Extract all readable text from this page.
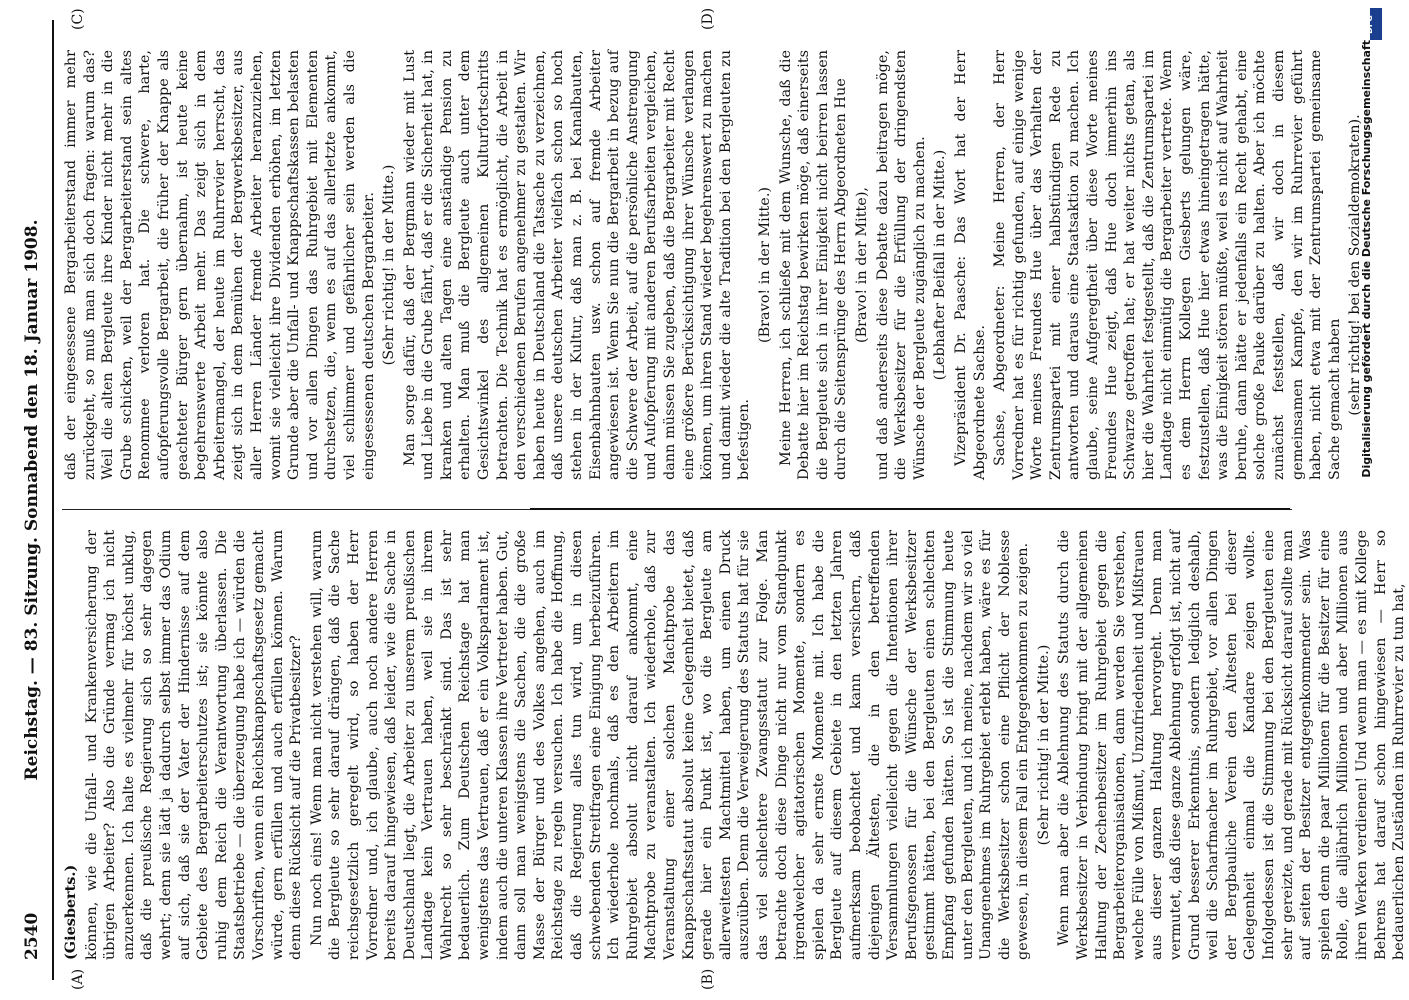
2540
Reichstag. — 83. Sitzung. Sonnabend den 18. Januar 1908.
(A)	(B)
(C)	(D)

(Giesberts.) können, wie die Unfall- und Krankenversicherung der übrigen Arbeiter? Also die Gründe vermag ich nicht anzuerkennen. Ich halte es vielmehr für höchst unklug, daß die preußische Regierung sich so sehr dagegen wehrt; denn sie lädt ja dadurch selbst immer das Odium auf sich, daß sie der Vater der Hindernisse auf dem Gebiete des Bergarbeiterschutzes ist; sie könnte also ruhig dem Reich die Verantwortung überlassen. Die Staatsbetriebe — die überzeugung habe ich — würden die Vorschriften, wenn ein Reichsknappschaftsgesetz gemacht würde, gern erfüllen und auch erfüllen können. Warum denn diese Rücksicht auf die Privatbesitzer? Nun noch eins! Wenn man nicht verstehen will, warum die Bergleute so sehr darauf drängen, daß die Sache reichsgesetzlich geregelt wird, so haben der Herr Vorredner und, ich glaube, auch noch andere Herren bereits darauf hingewiesen, daß leider, wie die Sache in Deutschland liegt, die Arbeiter zu unserem preußischen Landtage kein Vertrauen haben, weil sie in ihrem Wahlrecht so sehr beschränkt sind. Das ist sehr bedauerlich. Zum Deutschen Reichstage hat man wenigstens das Vertrauen, daß er ein Volksparlament ist, indem auch die unteren Klassen ihre Vertreter haben. Gut, dann soll man wenigstens die Sachen, die die große Masse der Bürger und des Volkes angehen, auch im Reichstage zu regeln versuchen. Ich habe die Hoffnung, daß die Regierung alles tun wird, um in diesen schwebenden Streitfragen eine Einigung herbeizuführen. Ich wiederhole nochmals, daß es den Arbeitern im Ruhrgebiet absolut nicht darauf ankommt, eine Machtprobe zu veranstalten. Ich wiederhole, daß zur Veranstaltung einer solchen Machtprobe das Knappschaftsstatut absolut keine Gelegenheit bietet, daß gerade hier ein Punkt ist, wo die Bergleute am allerweitesten Machtmittel haben, um einen Druck auszuüben. Denn die Verweigerung des Statuts hat für sie das viel schlechtere Zwangsstatut zur Folge. Man betrachte doch diese Dinge nicht nur vom Standpunkt irgendwelcher agitatorischen Momente, sondern es spielen da sehr ernste Momente mit. Ich habe die Bergleute auf diesem Gebiete in den letzten Jahren aufmerksam beobachtet und kann versichern, daß diejenigen Ältesten, die in den betreffenden Versammlungen vielleicht gegen die Intentionen ihrer Berufsgenossen für die Wünsche der Werksbesitzer gestimmt hätten, bei den Bergleuten einen schlechten Empfang gefunden hätten. So ist die Stimmung heute unter den Bergleuten, und ich meine, nachdem wir so viel Unangenehmes im Ruhrgebiet erlebt haben, wäre es für die Werksbesitzer schon eine Pflicht der Noblesse gewesen, in diesem Fall ein Entgegenkommen zu zeigen. (Sehr richtig! in der Mitte.) Wenn man aber die Ablehnung des Statuts durch die Werksbesitzer in Verbindung bringt mit der allgemeinen Haltung der Zechenbesitzer im Ruhrgebiet gegen die Bergarbeiterorganisationen, dann werden Sie verstehen, welche Fülle von Mißmut, Unzufriedenheit und Mißtrauen aus dieser ganzen Haltung hervorgeht. Denn man vermutet, daß diese ganze Ablehnung erfolgt ist, nicht auf Grund besserer Erkenntnis, sondern lediglich deshalb, weil die Scharfmacher im Ruhrgebiet, vor allen Dingen der Bergbauliche Verein den Ältesten bei dieser Gelegenheit einmal die Kandare zeigen wollte. Infolgedessen ist die Stimmung bei den Bergleuten eine sehr gereizte, und gerade mit Rücksicht darauf sollte man auf seiten der Besitzer entgegenkommender sein. Was spielen denn die paar Millionen für die Besitzer für eine Rolle, die alljährlich Millionen und aber Millionen aus ihren Werken verdienen! Und wenn man — es mit Kollege Behrens hat darauf schon hingewiesen — Herr so bedauerlichen Zuständen im Ruhrrevier zu tun hat,

daß der eingesessene Bergarbeiterstand immer mehr zurückgeht, so muß man sich doch fragen: warum das? Weil die alten Bergleute ihre Kinder nicht mehr in die Grube schicken, weil der Bergarbeiterstand sein altes Renommee verloren hat. Die schwere, harte, aufopferungsvolle Bergarbeit, die früher der Knappe als geachteter Bürger gern übernahm, ist heute keine begehrenswerte Arbeit mehr. Das zeigt sich in dem Arbeitermangel, der heute im Ruhrrevier herrscht, das zeigt sich in dem Bemühen der Bergwerksbesitzer, aus aller Herren Länder fremde Arbeiter heranzuziehen, womit sie vielleicht ihre Dividenden erhöhen, im letzten Grunde aber die Unfall- und Knappschaftskassen belasten und vor allen Dingen das Ruhrgebiet mit Elementen durchsetzen, die, wenn es auf das allerletzte ankommt, viel schlimmer und gefährlicher sein werden als die eingesessenen deutschen Bergarbeiter. (Sehr richtig! in der Mitte.) Man sorge dafür, daß der Bergmann wieder mit Lust und Liebe in die Grube fährt, daß er die Sicherheit hat, in kranken und alten Tagen eine anständige Pension zu erhalten. Man muß die Bergleute auch unter dem Gesichtswinkel des allgemeinen Kulturfortschritts betrachten. Die Technik hat es ermöglicht, die Arbeit in den verschiedenen Berufen angenehmer zu gestalten. Wir haben heute in Deutschland die Tatsache zu verzeichnen, daß unsere deutschen Arbeiter vielfach schon so hoch stehen in der Kultur, daß man z. B. bei Kanalbauten, Eisenbahnbauten usw. schon auf fremde Arbeiter angewiesen ist. Wenn Sie nun die Bergarbeit in bezug auf die Schwere der Arbeit, auf die persönliche Anstrengung und Aufopferung mit anderen Berufsarbeiten vergleichen, dann müssen Sie zugeben, daß die Bergarbeiter mit Recht eine größere Berücksichtigung ihrer Wünsche verlangen können, um ihren Stand wieder begehrenswert zu machen und damit wieder die alte Tradition bei den Bergleuten zu befestigen.

(Bravo! in der Mitte.) Meine Herren, ich schließe mit dem Wunsche, daß die Debatte hier im Reichstag bewirken möge, daß einerseits die Bergleute sich in ihrer Einigkeit nicht beirren lassen durch die Seitensprünge des Herrn Abgeordneten Hue (Bravo! in der Mitte), und daß anderseits diese Debatte dazu beitragen möge, die Werksbesitzer für die Erfüllung der dringendsten Wünsche der Bergleute zugänglich zu machen. (Lebhafter Beifall in der Mitte.) Vizepräsident Dr. Paasche: Das Wort hat der Herr Abgeordnete Sachse. Sachse, Abgeordneter: Meine Herren, der Herr Vorredner hat es für richtig gefunden, auf einige wenige Worte meines Freundes Hue über das Verhalten der Zentrumspartei mit einer halbstündigen Rede zu antworten und daraus eine Staatsaktion zu machen. Ich glaube, seine Aufgeregtheit über diese Worte meines Freundes Hue zeigt, daß Hue doch immerhin ins Schwarze getroffen hat; er hat weiter nichts getan, als hier die Wahrheit festgestellt, daß die Zentrumspartei im Landtage nicht einmütig die Bergarbeiter vertrete. Wenn es dem Herrn Kollegen Giesberts gelungen wäre, festzustellen, daß Hue hier etwas hineingetragen hätte, was die Einigkeit stören müßte, weil es nicht auf Wahrheit beruhe, dann hätte er jedenfalls ein Recht gehabt, eine solche große Pauke darüber zu halten. Aber ich möchte zunächst feststellen, daß wir doch in diesem gemeinsamen Kampfe, den wir im Ruhrrevier geführt haben, nicht etwa mit der Zentrumspartei gemeinsame Sache gemacht haben (sehr richtig! bei den Sozialdemokraten).

Digitalisierung gefördert durch die Deutsche Forschungsgemeinschaft
DFG
